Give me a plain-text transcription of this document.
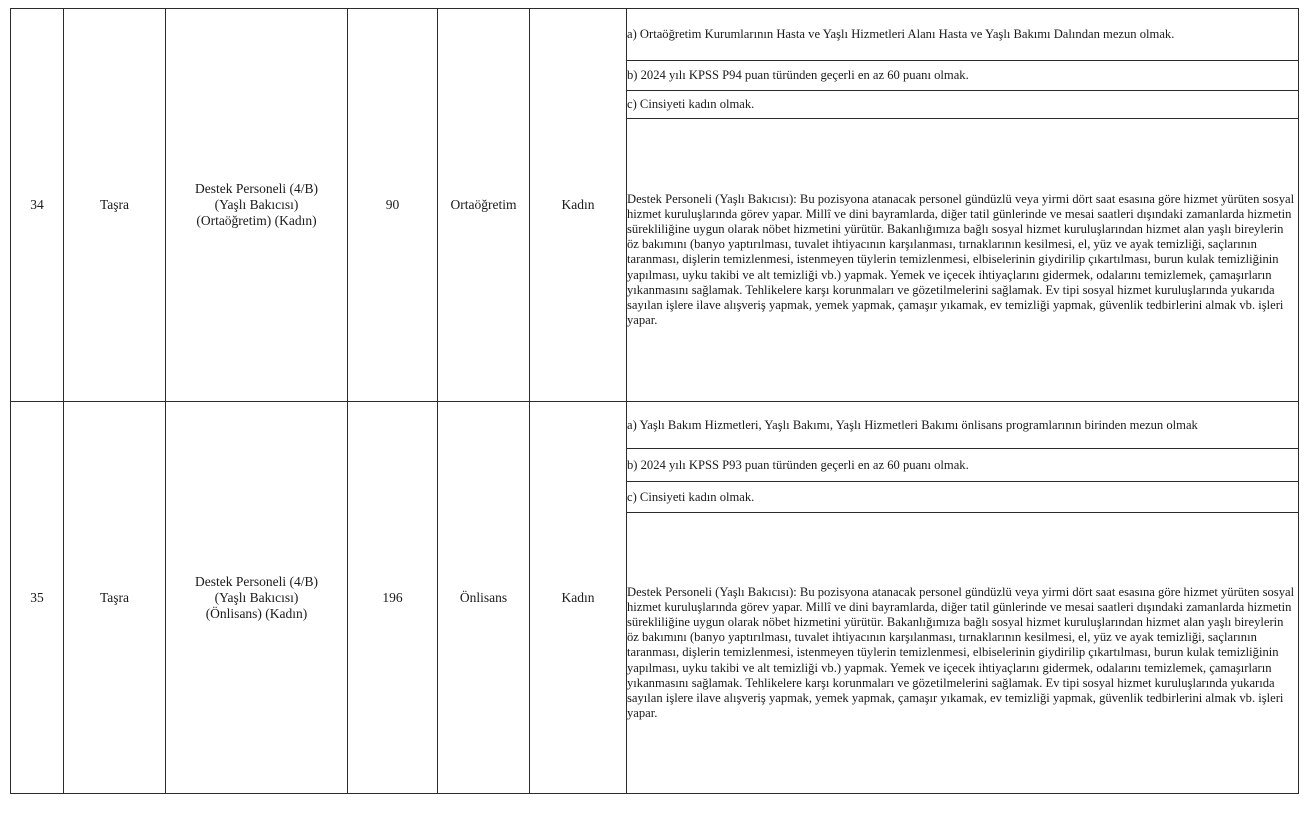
34	Taşra	Destek Personeli (4/B)
(Yaşlı Bakıcısı)
(Ortaöğretim) (Kadın)	90	Ortaöğretim	Kadın	a) Ortaöğretim Kurumlarının Hasta ve Yaşlı Hizmetleri Alanı Hasta ve Yaşlı Bakımı Dalından mezun olmak.
						b) 2024 yılı KPSS P94 puan türünden geçerli en az 60 puanı olmak.
						c) Cinsiyeti kadın olmak.
						Destek Personeli (Yaşlı Bakıcısı): Bu pozisyona atanacak personel gündüzlü veya yirmi dört saat esasına göre hizmet yürüten sosyal hizmet kuruluşlarında görev yapar. Millî ve dini bayramlarda, diğer tatil günlerinde ve mesai saatleri dışındaki zamanlarda hizmetin sürekliliğine uygun olarak nöbet hizmetini yürütür. Bakanlığımıza bağlı sosyal hizmet kuruluşlarından hizmet alan yaşlı bireylerin öz bakımını (banyo yaptırılması, tuvalet ihtiyacının karşılanması, tırnaklarının kesilmesi, el, yüz ve ayak temizliği, saçlarının taranması, dişlerin temizlenmesi, istenmeyen tüylerin temizlenmesi, elbiselerinin giydirilip çıkartılması, burun kulak temizliğinin yapılması, uyku takibi ve alt temizliği vb.) yapmak. Yemek ve içecek ihtiyaçlarını gidermek, odalarını temizlemek, çamaşırların yıkanmasını sağlamak. Tehlikelere karşı korunmaları ve gözetilmelerini sağlamak. Ev tipi sosyal hizmet kuruluşlarında yukarıda sayılan işlere ilave alışveriş yapmak, yemek yapmak, çamaşır yıkamak, ev temizliği yapmak, güvenlik tedbirlerini almak vb. işleri yapar.
35	Taşra	Destek Personeli (4/B)
(Yaşlı Bakıcısı)
(Önlisans) (Kadın)	196	Önlisans	Kadın	a) Yaşlı Bakım Hizmetleri, Yaşlı Bakımı, Yaşlı Hizmetleri Bakımı önlisans programlarının birinden mezun olmak
						b) 2024 yılı KPSS P93 puan türünden geçerli en az 60 puanı olmak.
						c) Cinsiyeti kadın olmak.
						Destek Personeli (Yaşlı Bakıcısı): Bu pozisyona atanacak personel gündüzlü veya yirmi dört saat esasına göre hizmet yürüten sosyal hizmet kuruluşlarında görev yapar. Millî ve dini bayramlarda, diğer tatil günlerinde ve mesai saatleri dışındaki zamanlarda hizmetin sürekliliğine uygun olarak nöbet hizmetini yürütür. Bakanlığımıza bağlı sosyal hizmet kuruluşlarından hizmet alan yaşlı bireylerin öz bakımını (banyo yaptırılması, tuvalet ihtiyacının karşılanması, tırnaklarının kesilmesi, el, yüz ve ayak temizliği, saçlarının taranması, dişlerin temizlenmesi, istenmeyen tüylerin temizlenmesi, elbiselerinin giydirilip çıkartılması, burun kulak temizliğinin yapılması, uyku takibi ve alt temizliği vb.) yapmak. Yemek ve içecek ihtiyaçlarını gidermek, odalarını temizlemek, çamaşırların yıkanmasını sağlamak. Tehlikelere karşı korunmaları ve gözetilmelerini sağlamak. Ev tipi sosyal hizmet kuruluşlarında yukarıda sayılan işlere ilave alışveriş yapmak, yemek yapmak, çamaşır yıkamak, ev temizliği yapmak, güvenlik tedbirlerini almak vb. işleri yapar.
